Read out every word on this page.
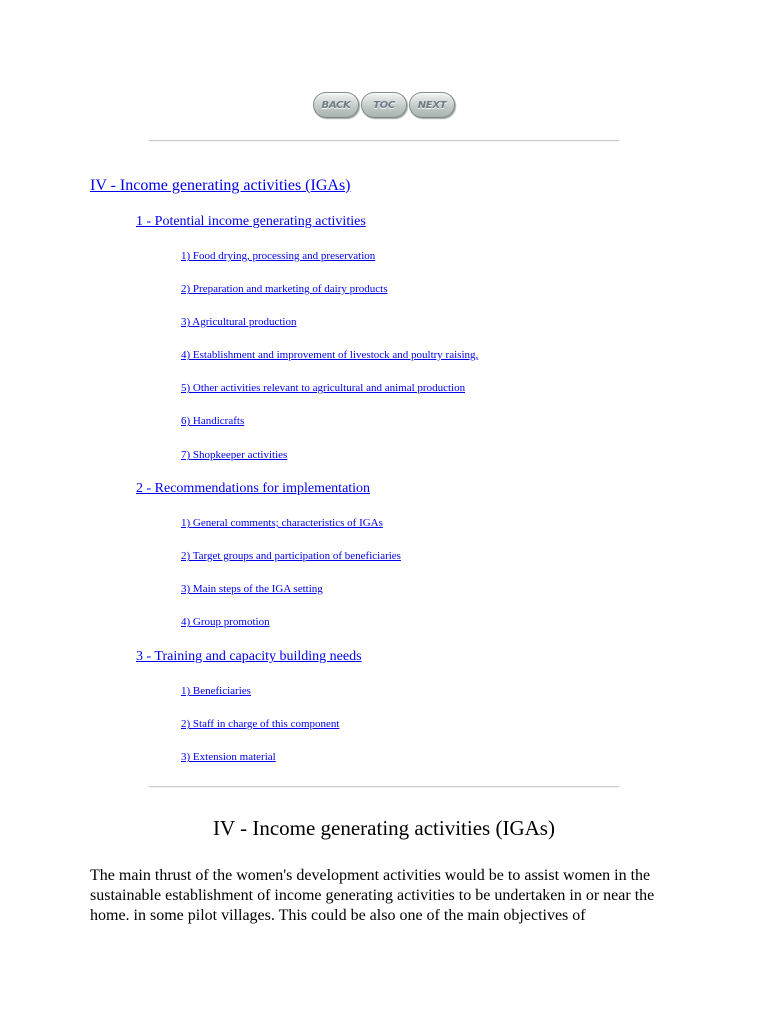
BACK TOC NEXT
IV - Income generating activities (IGAs)
1 - Potential income generating activities
1) Food drying, processing and preservation
2) Preparation and marketing of dairy products
3) Agricultural production
4) Establishment and improvement of livestock and poultry raising,
5) Other activities relevant to agricultural and animal production
6) Handicrafts
7) Shopkeeper activities
2 - Recommendations for implementation
1) General comments; characteristics of IGAs
2) Target groups and participation of beneficiaries
3) Main steps of the IGA setting
4) Group promotion
3 - Training and capacity building needs
1) Beneficiaries
2) Staff in charge of this component
3) Extension material
IV - Income generating activities (IGAs)

The main thrust of the women's development activities would be to assist women in the sustainable establishment of income generating activities to be undertaken in or near the home. in some pilot villages. This could be also one of the main objectives of
